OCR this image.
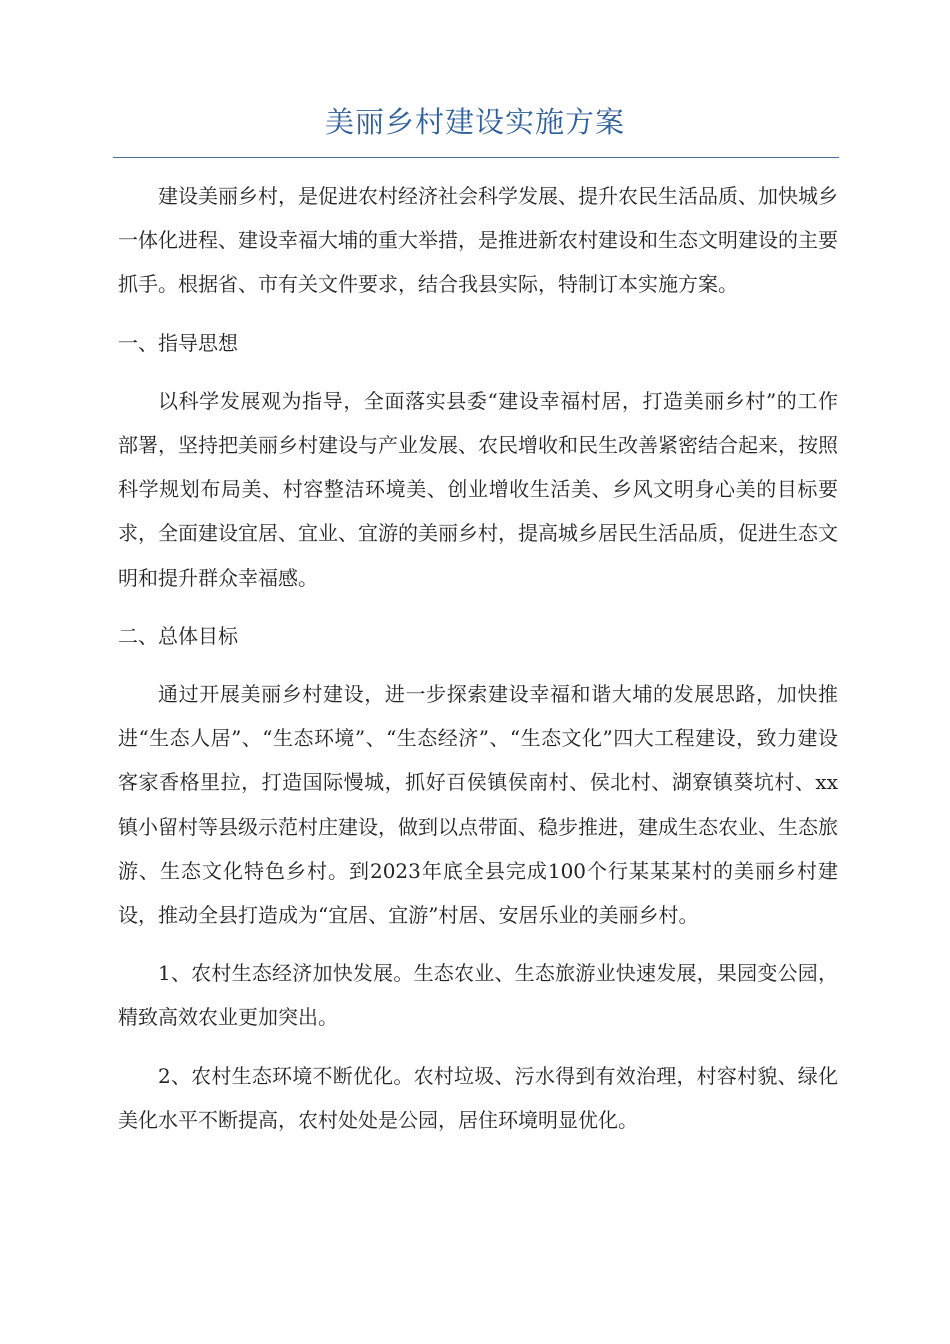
美丽乡村建设实施方案

建设美丽乡村，是促进农村经济社会科学发展、提升农民生活品质、加快城乡一体化进程、建设幸福大埔的重大举措，是推进新农村建设和生态文明建设的主要抓手。根据省、市有关文件要求，结合我县实际，特制订本实施方案。

一、指导思想

以科学发展观为指导，全面落实县委“建设幸福村居，打造美丽乡村”的工作部署，坚持把美丽乡村建设与产业发展、农民增收和民生改善紧密结合起来，按照科学规划布局美、村容整洁环境美、创业增收生活美、乡风文明身心美的目标要求，全面建设宜居、宜业、宜游的美丽乡村，提高城乡居民生活品质，促进生态文明和提升群众幸福感。

二、总体目标

通过开展美丽乡村建设，进一步探索建设幸福和谐大埔的发展思路，加快推进“生态人居”、“生态环境”、“生态经济”、“生态文化”四大工程建设，致力建设客家香格里拉，打造国际慢城，抓好百侯镇侯南村、侯北村、湖寮镇葵坑村、xx镇小留村等县级示范村庄建设，做到以点带面、稳步推进，建成生态农业、生态旅游、生态文化特色乡村。到2023年底全县完成100个行某某某村的美丽乡村建设，推动全县打造成为“宜居、宜游”村居、安居乐业的美丽乡村。

1、农村生态经济加快发展。生态农业、生态旅游业快速发展，果园变公园，精致高效农业更加突出。

2、农村生态环境不断优化。农村垃圾、污水得到有效治理，村容村貌、绿化美化水平不断提高，农村处处是公园，居住环境明显优化。
